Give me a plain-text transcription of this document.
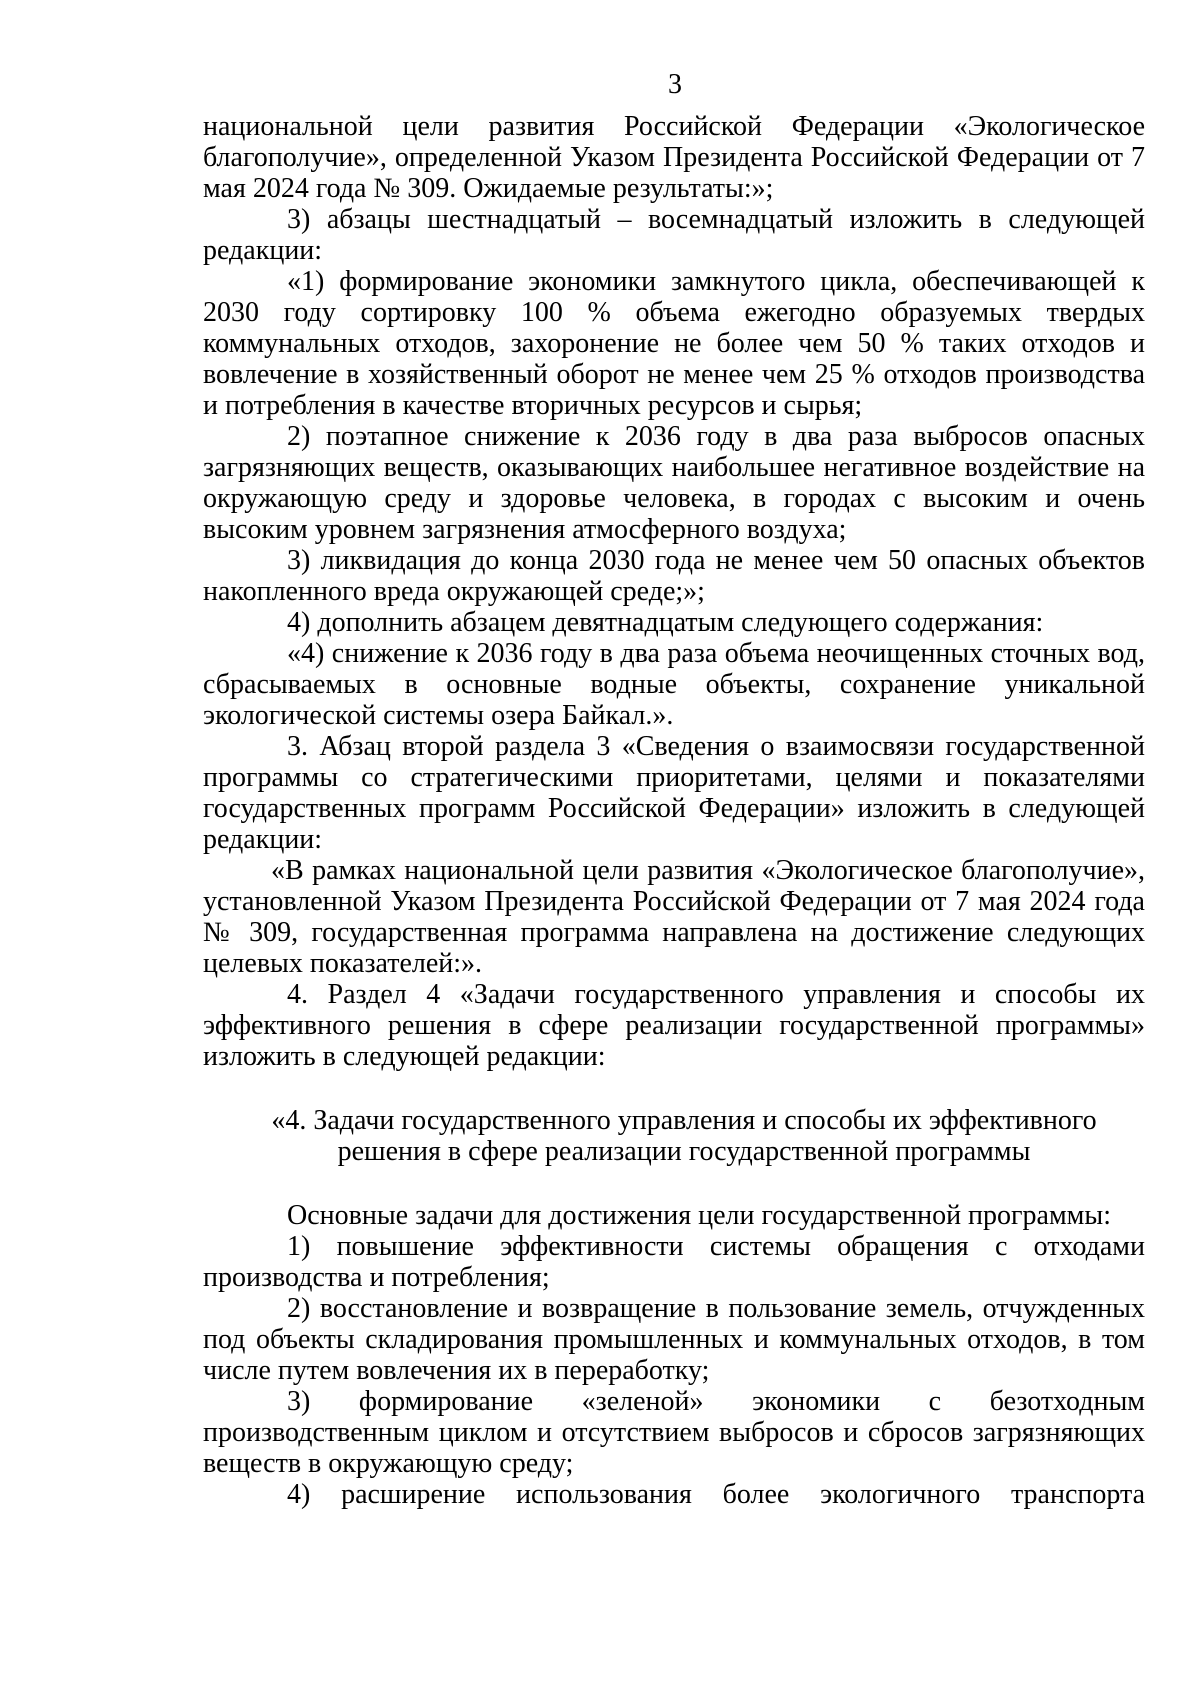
3

национальной цели развития Российской Федерации «Экологическое благополучие», определенной Указом Президента Российской Федерации от 7 мая 2024 года № 309. Ожидаемые результаты:»;

3) абзацы шестнадцатый – восемнадцатый изложить в следующей редакции:

«1) формирование экономики замкнутого цикла, обеспечивающей к 2030 году сортировку 100 % объема ежегодно образуемых твердых коммунальных отходов, захоронение не более чем 50 % таких отходов и вовлечение в хозяйственный оборот не менее чем 25 % отходов производства и потребления в качестве вторичных ресурсов и сырья;

2) поэтапное снижение к 2036 году в два раза выбросов опасных загрязняющих веществ, оказывающих наибольшее негативное воздействие на окружающую среду и здоровье человека, в городах с высоким и очень высоким уровнем загрязнения атмосферного воздуха;

3) ликвидация до конца 2030 года не менее чем 50 опасных объектов накопленного вреда окружающей среде;»;

4) дополнить абзацем девятнадцатым следующего содержания:

«4) снижение к 2036 году в два раза объема неочищенных сточных вод, сбрасываемых в основные водные объекты, сохранение уникальной экологической системы озера Байкал.».

3. Абзац второй раздела 3 «Сведения о взаимосвязи государственной программы со стратегическими приоритетами, целями и показателями государственных программ Российской Федерации» изложить в следующей редакции:

«В рамках национальной цели развития «Экологическое благополучие», установленной Указом Президента Российской Федерации от 7 мая 2024 года № 309, государственная программа направлена на достижение следующих целевых показателей:».

4. Раздел 4 «Задачи государственного управления и способы их эффективного решения в сфере реализации государственной программы» изложить в следующей редакции:

«4. Задачи государственного управления и способы их эффективного
решения в сфере реализации государственной программы

Основные задачи для достижения цели государственной программы:

1) повышение эффективности системы обращения с отходами производства и потребления;

2) восстановление и возвращение в пользование земель, отчужденных под объекты складирования промышленных и коммунальных отходов, в том числе путем вовлечения их в переработку;

3) формирование «зеленой» экономики с безотходным производственным циклом и отсутствием выбросов и сбросов загрязняющих веществ в окружающую среду;

4) расширение использования более экологичного транспорта
